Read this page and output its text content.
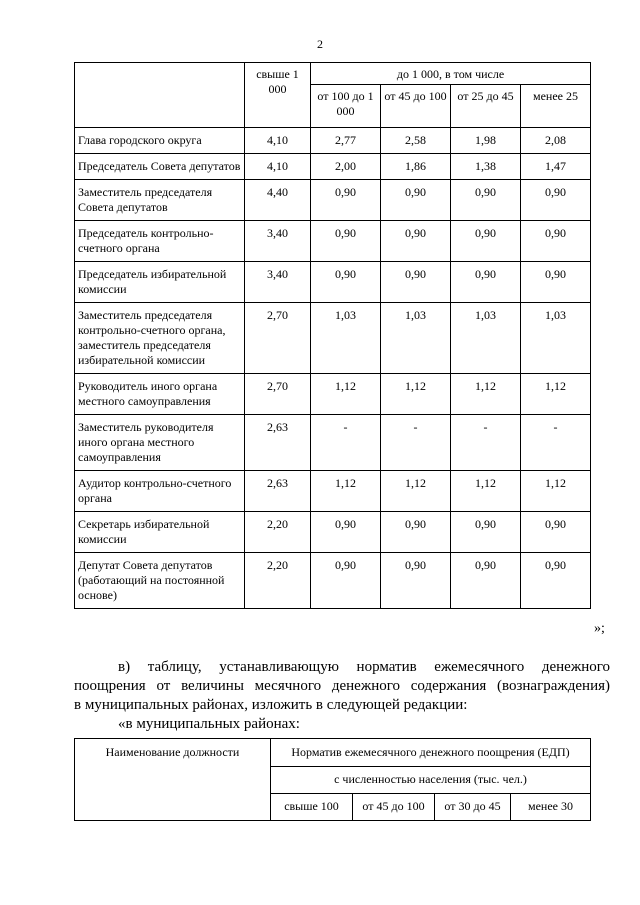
2
	свыше 1 000	до 1 000, в том числе			
		от 100 до 1 000	от 45 до 100	от 25 до 45	менее 25
Глава городского округа	4,10	2,77	2,58	1,98	2,08
Председатель Совета депутатов	4,10	2,00	1,86	1,38	1,47
Заместитель председателя Совета депутатов	4,40	0,90	0,90	0,90	0,90
Председатель контрольно-счетного органа	3,40	0,90	0,90	0,90	0,90
Председатель избирательной комиссии	3,40	0,90	0,90	0,90	0,90
Заместитель председателя контрольно-счетного органа, заместитель председателя избирательной комиссии	2,70	1,03	1,03	1,03	1,03
Руководитель иного органа местного самоуправления	2,70	1,12	1,12	1,12	1,12
Заместитель руководителя иного органа местного самоуправления	2,63	-	-	-	-
Аудитор контрольно-счетного органа	2,63	1,12	1,12	1,12	1,12
Секретарь избирательной комиссии	2,20	0,90	0,90	0,90	0,90
Депутат Совета депутатов (работающий на постоянной основе)	2,20	0,90	0,90	0,90	0,90
»;
в) таблицу, устанавливающую норматив ежемесячного денежного
поощрения от величины месячного денежного содержания (вознаграждения)
в муниципальных районах, изложить в следующей редакции:
«в муниципальных районах:
Наименование должности	Норматив ежемесячного денежного поощрения (ЕДП)			
	с численностью населения (тыс. чел.)			
	свыше 100	от 45 до 100	от 30 до 45	менее 30
